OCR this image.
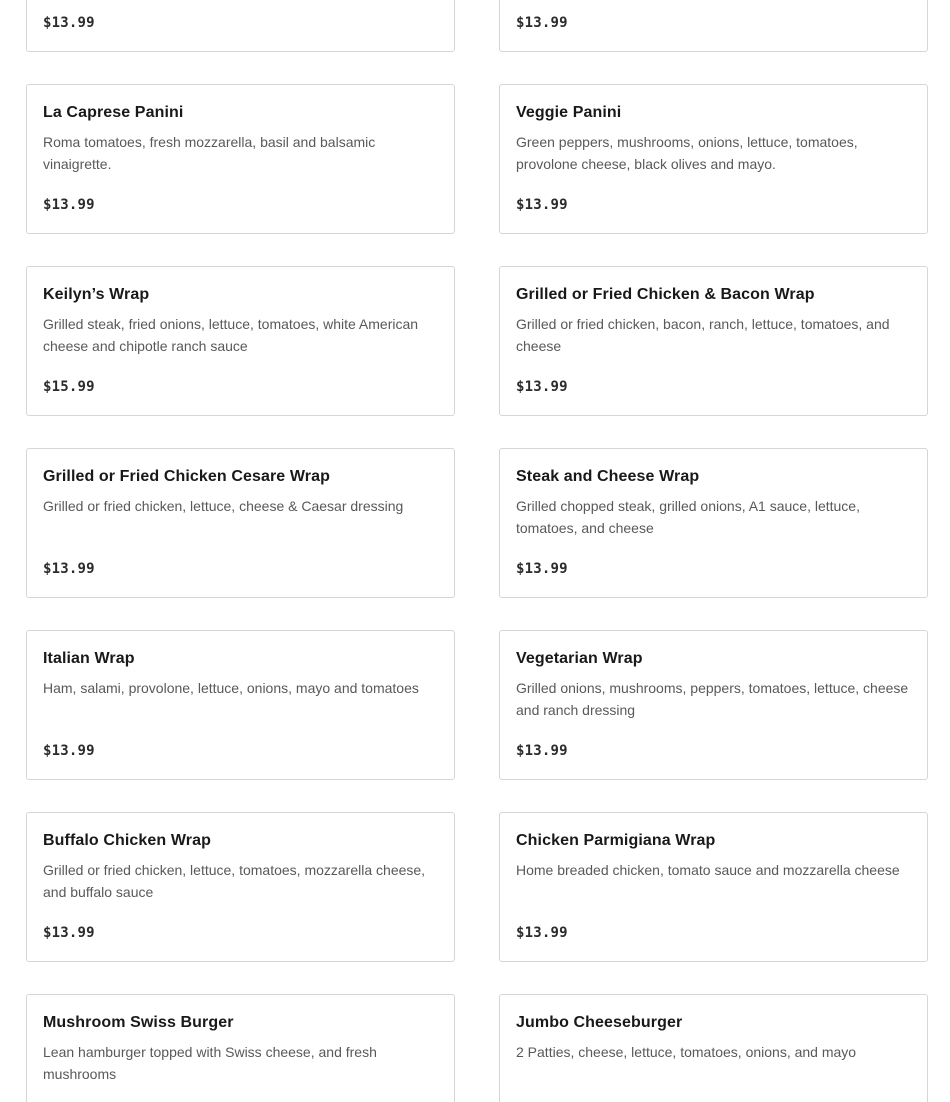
$13.99	$13.99
La Caprese Panini
Roma tomatoes, fresh mozzarella, basil and balsamic vinaigrette.
$13.99
Veggie Panini
Green peppers, mushrooms, onions, lettuce, tomatoes, provolone cheese, black olives and mayo.
$13.99
Keilyn’s Wrap
Grilled steak, fried onions, lettuce, tomatoes, white American cheese and chipotle ranch sauce
$15.99
Grilled or Fried Chicken & Bacon Wrap
Grilled or fried chicken, bacon, ranch, lettuce, tomatoes, and cheese
$13.99
Grilled or Fried Chicken Cesare Wrap
Grilled or fried chicken, lettuce, cheese & Caesar dressing
$13.99
Steak and Cheese Wrap
Grilled chopped steak, grilled onions, A1 sauce, lettuce, tomatoes, and cheese
$13.99
Italian Wrap
Ham, salami, provolone, lettuce, onions, mayo and tomatoes
$13.99
Vegetarian Wrap
Grilled onions, mushrooms, peppers, tomatoes, lettuce, cheese and ranch dressing
$13.99
Buffalo Chicken Wrap
Grilled or fried chicken, lettuce, tomatoes, mozzarella cheese, and buffalo sauce
$13.99
Chicken Parmigiana Wrap
Home breaded chicken, tomato sauce and mozzarella cheese
$13.99
Mushroom Swiss Burger
Lean hamburger topped with Swiss cheese, and fresh mushrooms
Jumbo Cheeseburger
2 Patties, cheese, lettuce, tomatoes, onions, and mayo
